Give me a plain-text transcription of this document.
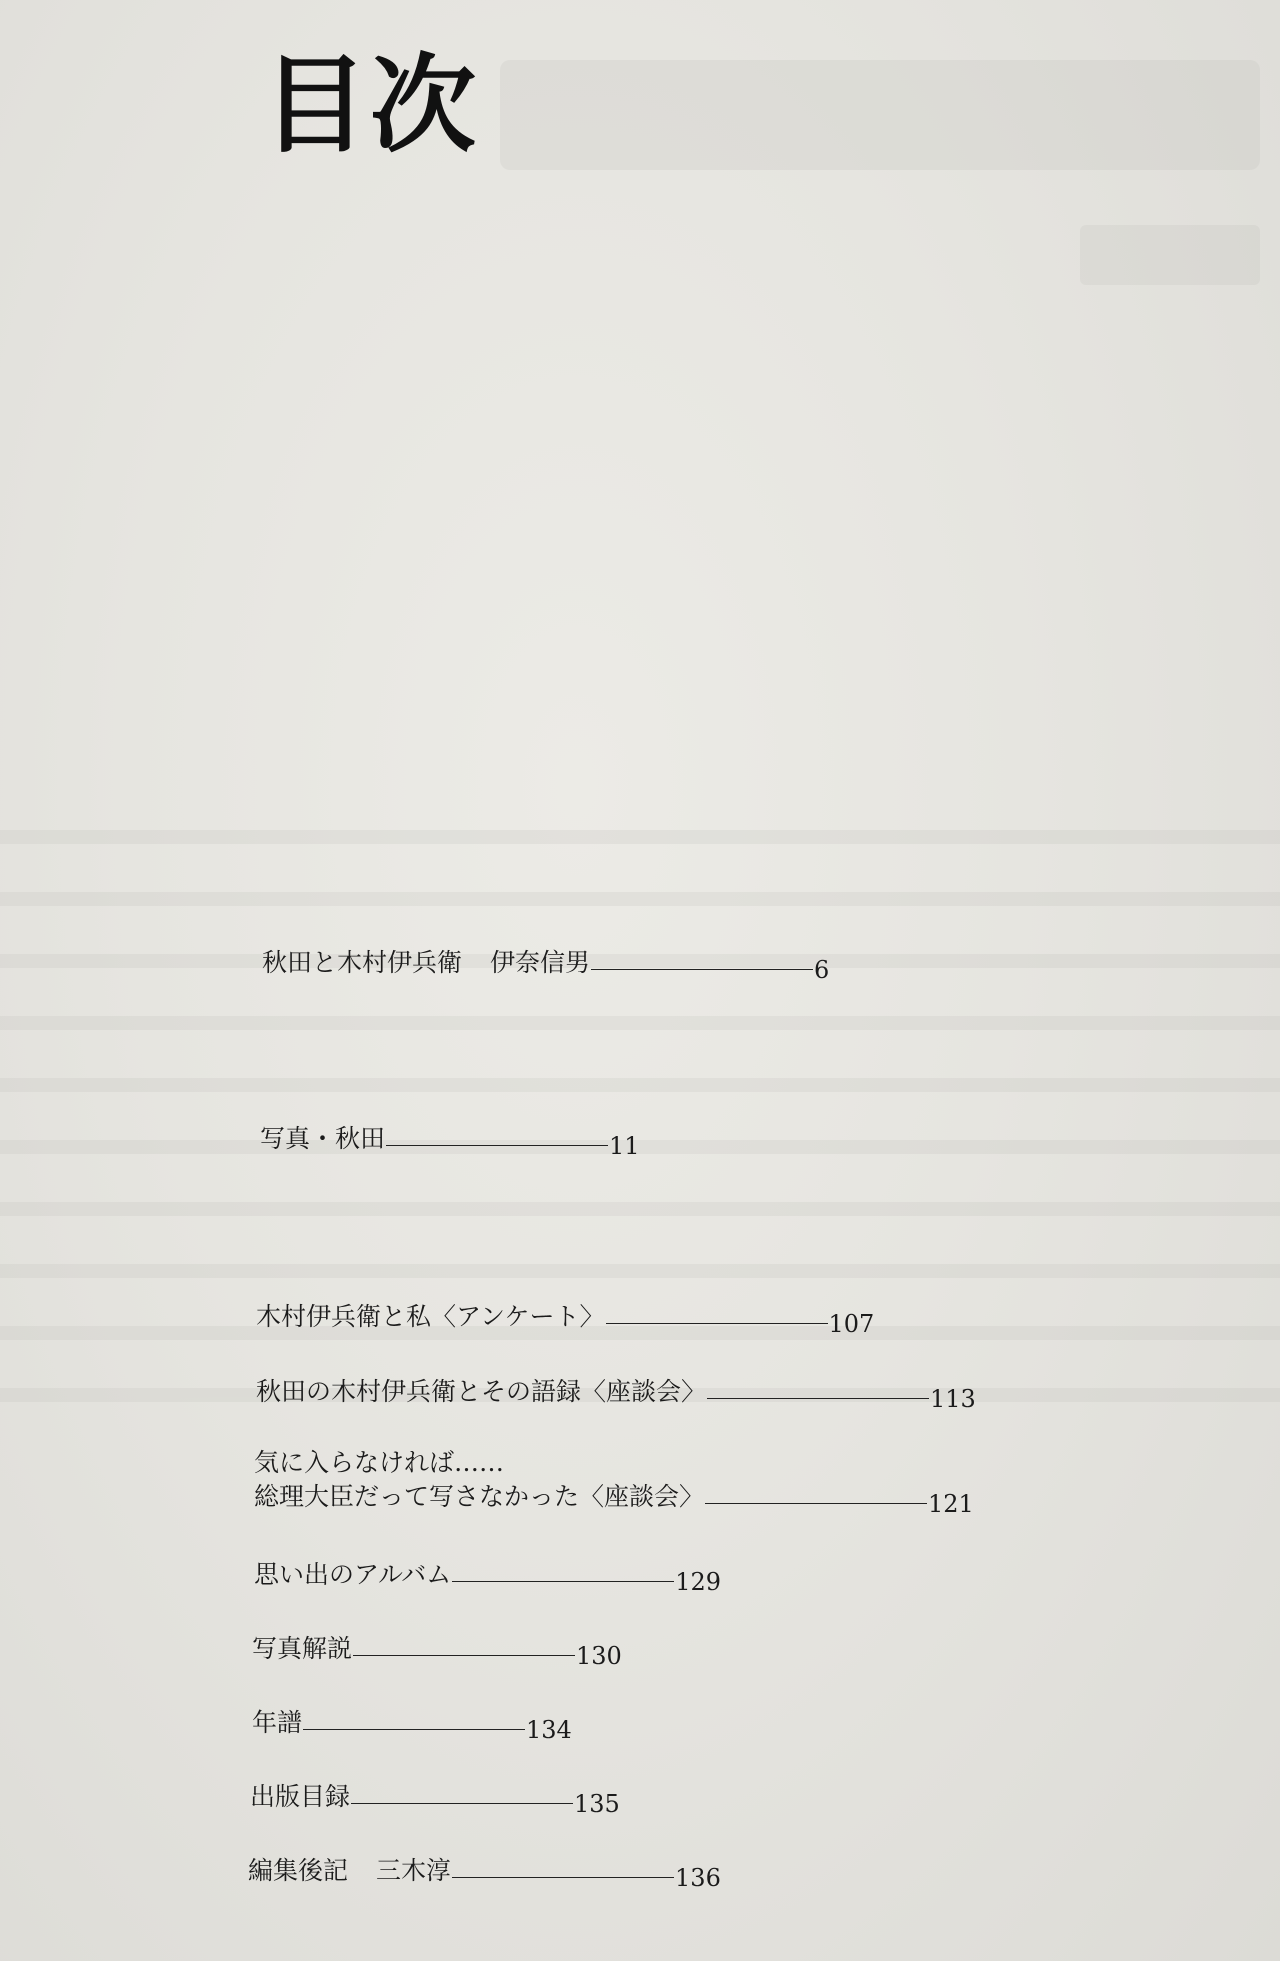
目次
秋田と木村伊兵衛 伊奈信男	6
写真・秋田	11
木村伊兵衛と私〈アンケート〉	107
秋田の木村伊兵衛とその語録〈座談会〉	113
気に入らなければ……
総理大臣だって写さなかった〈座談会〉	121
思い出のアルバム	129
写真解説	130
年譜	134
出版目録	135
編集後記 三木淳	136
